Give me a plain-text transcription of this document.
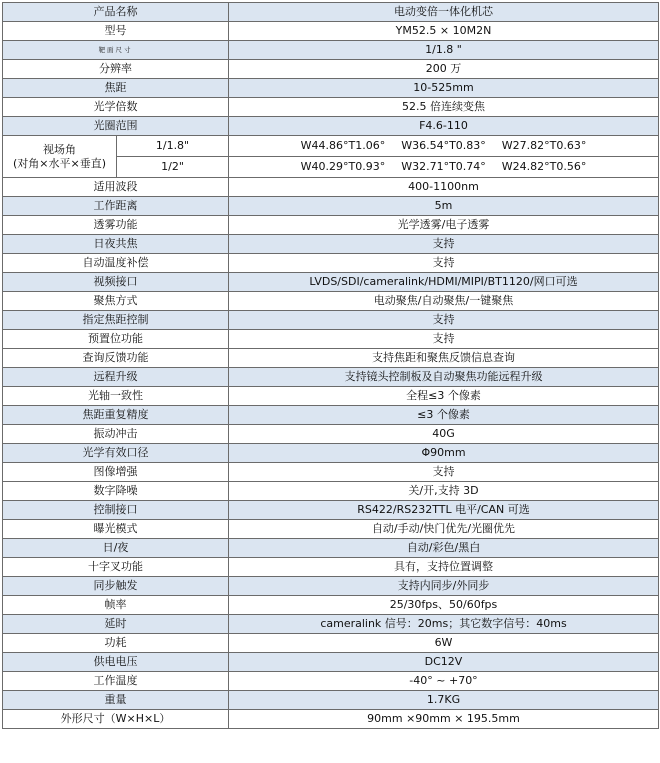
产品名称		电动变倍一体化机芯
型号		YM52.5 × 10M2N
靶面尺寸		1/1.8 "
分辨率		200 万
焦距		10-525mm
光学倍数		52.5 倍连续变焦
光圈范围		F4.6-110
视场角
(对角×水平×垂直)	1/1.8"	W44.86°T1.06° W36.54°T0.83° W27.82°T0.63°
	1/2"	W40.29°T0.93° W32.71°T0.74° W24.82°T0.56°
适用波段		400-1100nm
工作距离		5m
透雾功能		光学透雾/电子透雾
日夜共焦		支持
自动温度补偿		支持
视频接口		LVDS/SDI/cameralink/HDMI/MIPI/BT1120/网口可选
聚焦方式		电动聚焦/自动聚焦/一键聚焦
指定焦距控制		支持
预置位功能		支持
查询反馈功能		支持焦距和聚焦反馈信息查询
远程升级		支持镜头控制板及自动聚焦功能远程升级
光轴一致性		全程≤3 个像素
焦距重复精度		≤3 个像素
振动冲击		40G
光学有效口径		Φ90mm
图像增强		支持
数字降噪		关/开,支持 3D
控制接口		RS422/RS232TTL 电平/CAN 可选
曝光模式		自动/手动/快门优先/光圈优先
日/夜		自动/彩色/黑白
十字叉功能		具有，支持位置调整
同步触发		支持内同步/外同步
帧率		25/30fps、50/60fps
延时		cameralink 信号：20ms；其它数字信号：40ms
功耗		6W
供电电压		DC12V
工作温度		-40° ~ +70°
重量		1.7KG
外形尺寸（W×H×L）		90mm ×90mm × 195.5mm
